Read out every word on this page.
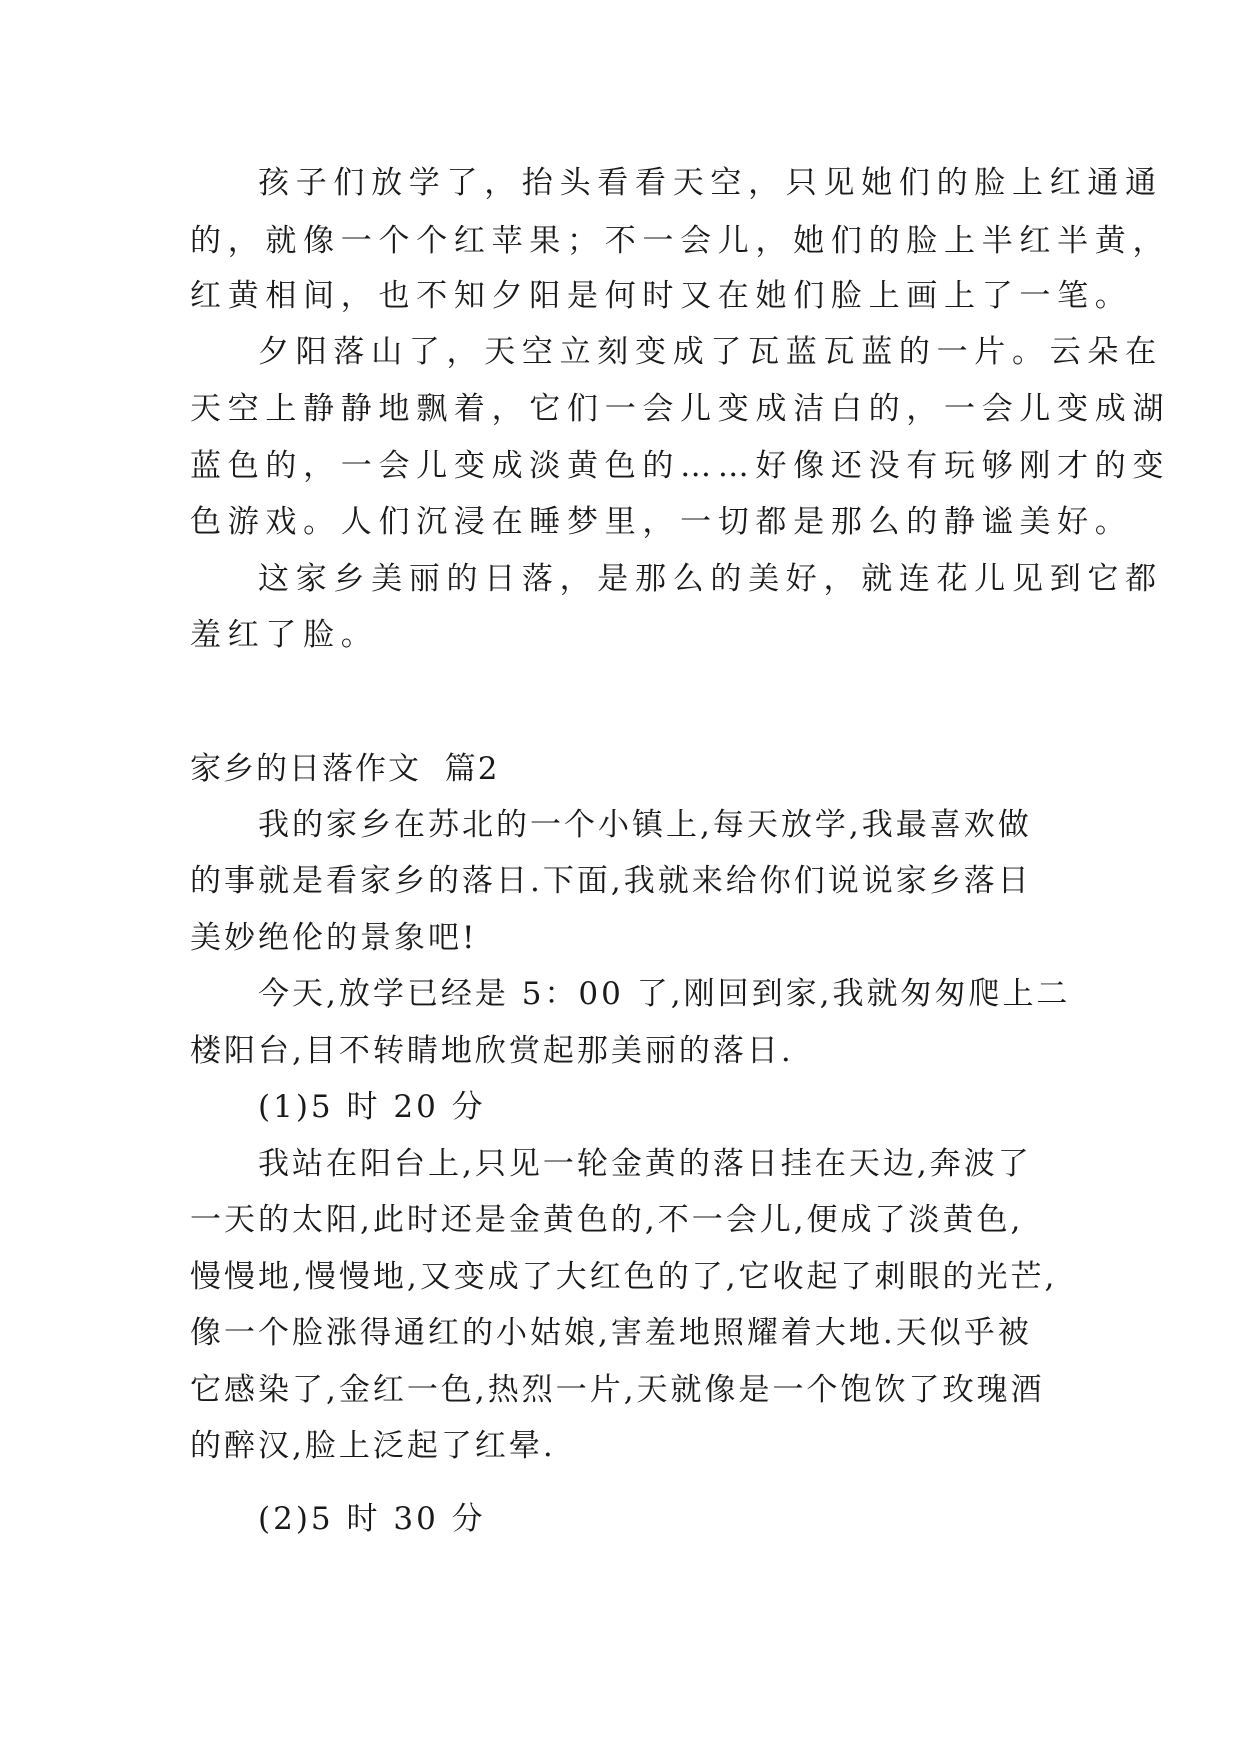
孩子们放学了，抬头看看天空，只见她们的脸上红通通
的，就像一个个红苹果；不一会儿，她们的脸上半红半黄，
红黄相间，也不知夕阳是何时又在她们脸上画上了一笔。
夕阳落山了，天空立刻变成了瓦蓝瓦蓝的一片。云朵在
天空上静静地飘着，它们一会儿变成洁白的，一会儿变成湖
蓝色的，一会儿变成淡黄色的……好像还没有玩够刚才的变
色游戏。人们沉浸在睡梦里，一切都是那么的静谧美好。
这家乡美丽的日落，是那么的美好，就连花儿见到它都
羞红了脸。
家乡的日落作文  篇2
我的家乡在苏北的一个小镇上,每天放学,我最喜欢做
的事就是看家乡的落日.下面,我就来给你们说说家乡落日
美妙绝伦的景象吧!
今天,放学已经是 5：00 了,刚回到家,我就匆匆爬上二
楼阳台,目不转睛地欣赏起那美丽的落日.
(1)5 时 20 分
我站在阳台上,只见一轮金黄的落日挂在天边,奔波了
一天的太阳,此时还是金黄色的,不一会儿,便成了淡黄色,
慢慢地,慢慢地,又变成了大红色的了,它收起了刺眼的光芒,
像一个脸涨得通红的小姑娘,害羞地照耀着大地.天似乎被
它感染了,金红一色,热烈一片,天就像是一个饱饮了玫瑰酒
的醉汉,脸上泛起了红晕.
(2)5 时 30 分
